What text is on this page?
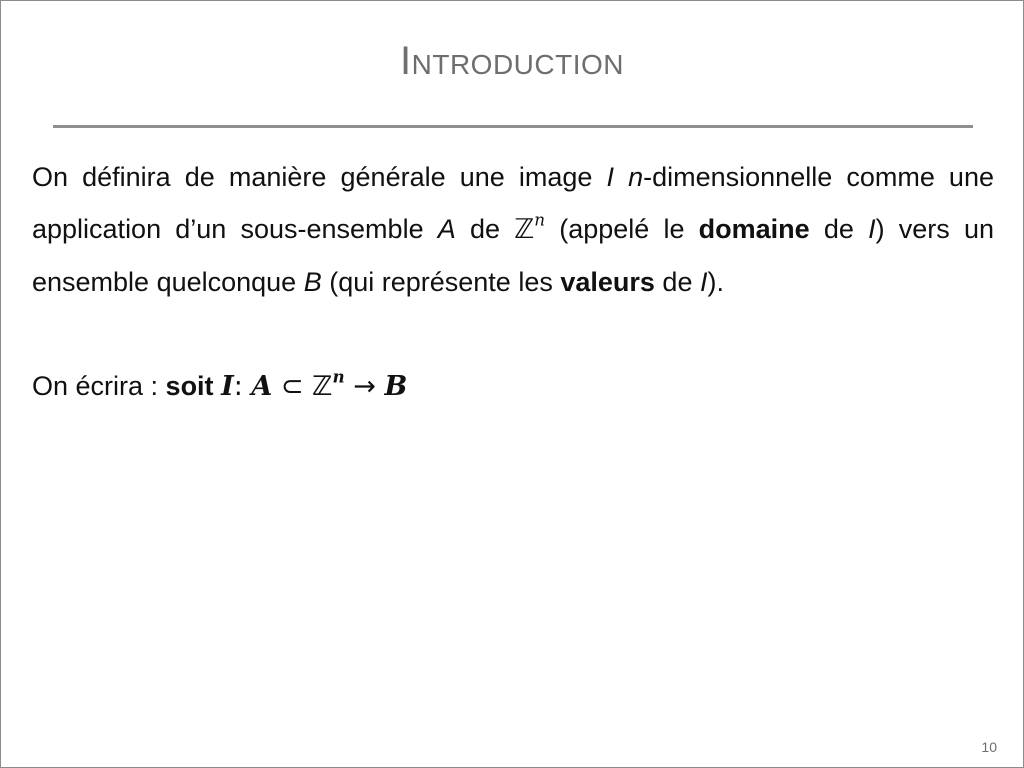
Introduction

On définira de manière générale une image I n-dimensionnelle comme une application d’un sous-ensemble A de ℤ$^n$ (appelé le domaine de I) vers un ensemble quelconque B (qui représente les valeurs de I).

On écrira : soit I: A ⊂ ℤ$^n$ → B

10
